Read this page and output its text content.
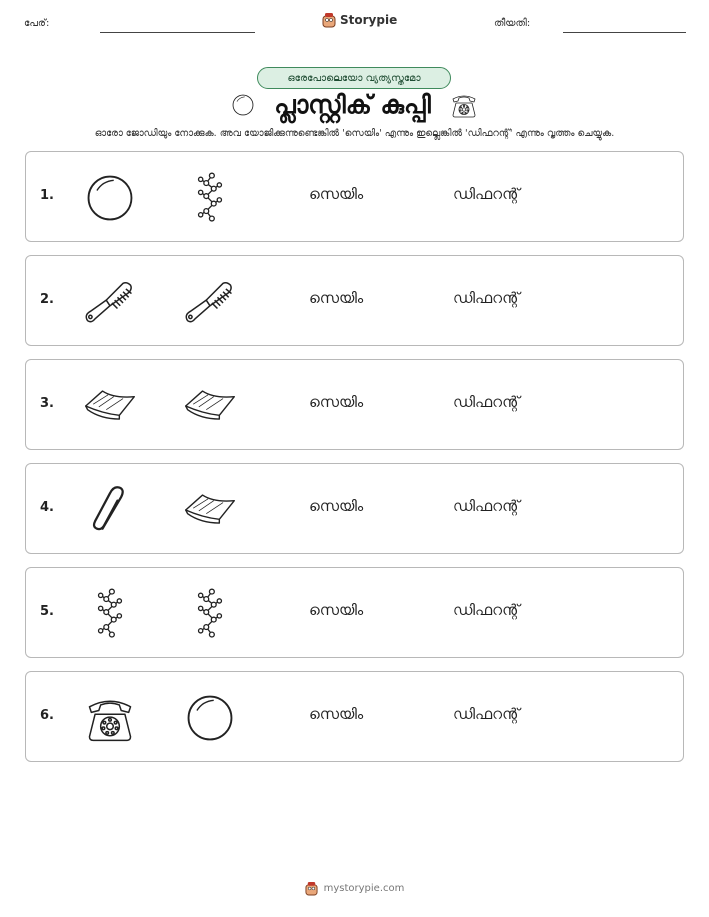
പേര്:	Storypie	തീയതി:
ഒരേപോലെയോ വ്യത്യസ്തമോ
പ്ലാസ്റ്റിക് കുപ്പി
ഓരോ ജോഡിയും നോക്കുക. അവ യോജിക്കുന്നുണ്ടെങ്കിൽ 'സെയിം' എന്നും ഇല്ലെങ്കിൽ 'ഡിഫറന്റ്' എന്നും വൃത്തം ചെയ്യുക.
1.	സെയിം	ഡിഫറന്റ്
2.	സെയിം	ഡിഫറന്റ്
3.	സെയിം	ഡിഫറന്റ്
4.	സെയിം	ഡിഫറന്റ്
5.	സെയിം	ഡിഫറന്റ്
6.	സെയിം	ഡിഫറന്റ്
mystorypie.com
